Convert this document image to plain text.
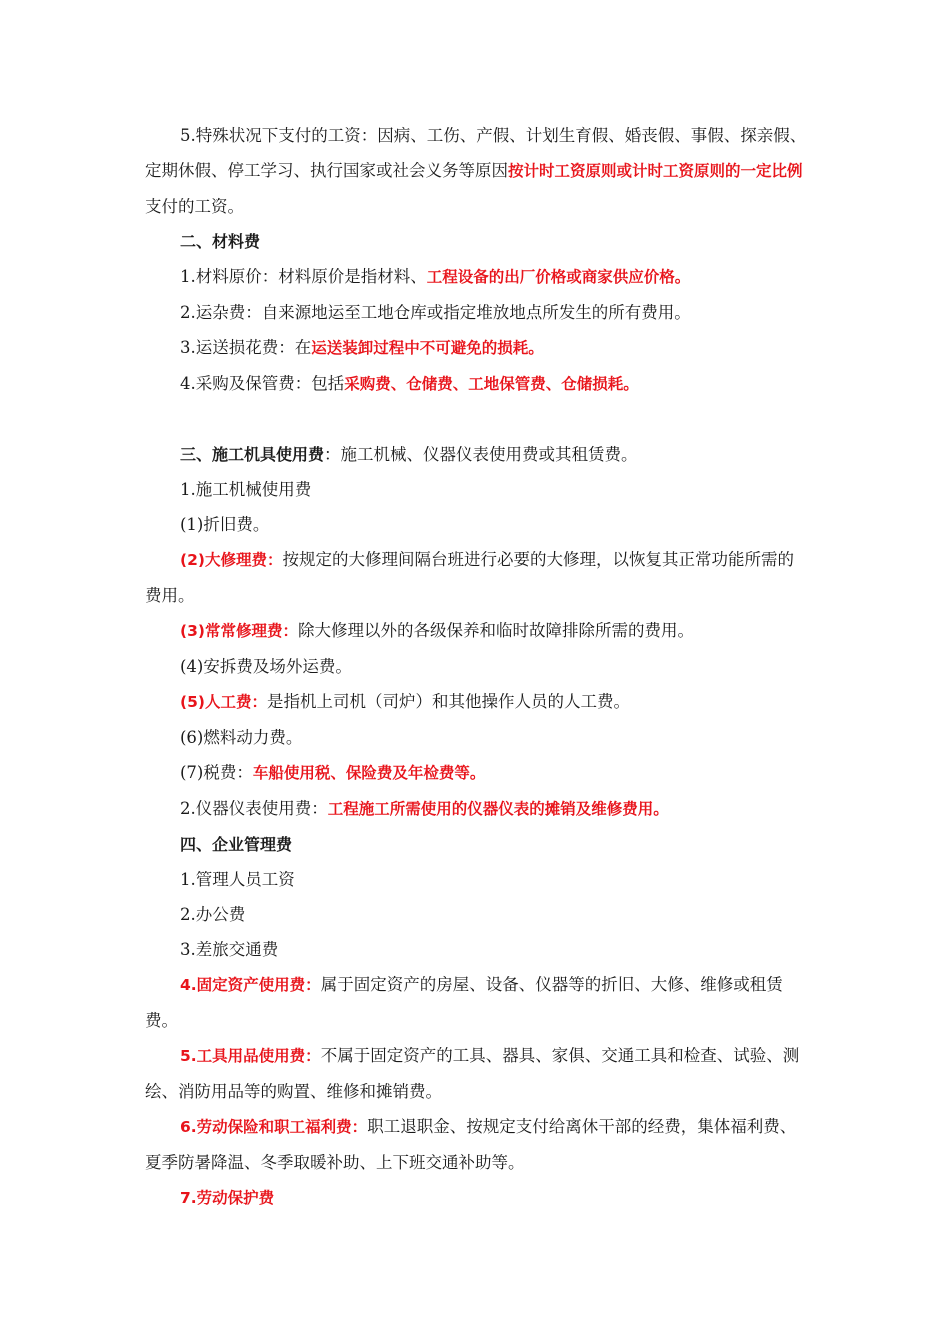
5.特殊状况下支付的工资：因病、工伤、产假、计划生育假、婚丧假、事假、探亲假、定期休假、停工学习、执行国家或社会义务等原因按计时工资原则或计时工资原则的一定比例支付的工资。

二、材料费

1.材料原价：材料原价是指材料、工程设备的出厂价格或商家供应价格。

2.运杂费：自来源地运至工地仓库或指定堆放地点所发生的所有费用。

3.运送损花费：在运送装卸过程中不可避免的损耗。

4.采购及保管费：包括采购费、仓储费、工地保管费、仓储损耗。

三、施工机具使用费：施工机械、仪器仪表使用费或其租赁费。

1.施工机械使用费

(1)折旧费。

(2)大修理费：按规定的大修理间隔台班进行必要的大修理，以恢复其正常功能所需的费用。

(3)常常修理费：除大修理以外的各级保养和临时故障排除所需的费用。

(4)安拆费及场外运费。

(5)人工费：是指机上司机（司炉）和其他操作人员的人工费。

(6)燃料动力费。

(7)税费：车船使用税、保险费及年检费等。

2.仪器仪表使用费：工程施工所需使用的仪器仪表的摊销及维修费用。

四、企业管理费

1.管理人员工资

2.办公费

3.差旅交通费

4.固定资产使用费：属于固定资产的房屋、设备、仪器等的折旧、大修、维修或租赁费。

5.工具用品使用费：不属于固定资产的工具、器具、家俱、交通工具和检查、试验、测绘、消防用品等的购置、维修和摊销费。

6.劳动保险和职工福利费：职工退职金、按规定支付给离休干部的经费，集体福利费、夏季防暑降温、冬季取暖补助、上下班交通补助等。

7.劳动保护费
